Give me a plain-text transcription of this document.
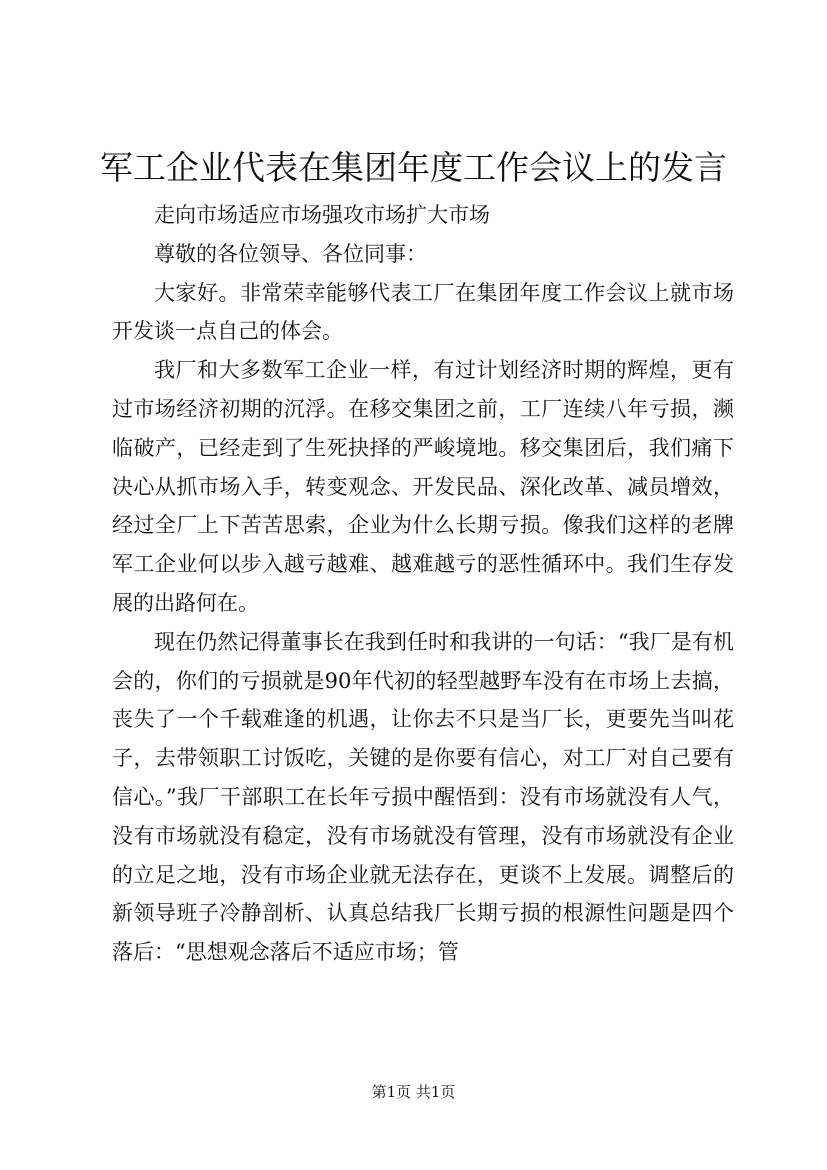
军工企业代表在集团年度工作会议上的发言

走向市场适应市场强攻市场扩大市场

尊敬的各位领导、各位同事：

大家好。非常荣幸能够代表工厂在集团年度工作会议上就市场开发谈一点自己的体会。

我厂和大多数军工企业一样，有过计划经济时期的辉煌，更有过市场经济初期的沉浮。在移交集团之前，工厂连续八年亏损，濒临破产，已经走到了生死抉择的严峻境地。移交集团后，我们痛下决心从抓市场入手，转变观念、开发民品、深化改革、减员增效，经过全厂上下苦苦思索，企业为什么长期亏损。像我们这样的老牌军工企业何以步入越亏越难、越难越亏的恶性循环中。我们生存发展的出路何在。

现在仍然记得董事长在我到任时和我讲的一句话：“我厂是有机会的，你们的亏损就是90年代初的轻型越野车没有在市场上去搞，丧失了一个千载难逢的机遇，让你去不只是当厂长，更要先当叫花子，去带领职工讨饭吃，关键的是你要有信心，对工厂对自己要有信心。”我厂干部职工在长年亏损中醒悟到：没有市场就没有人气，没有市场就没有稳定，没有市场就没有管理，没有市场就没有企业的立足之地，没有市场企业就无法存在，更谈不上发展。调整后的新领导班子冷静剖析、认真总结我厂长期亏损的根源性问题是四个落后：“思想观念落后不适应市场；管

第1页 共1页
